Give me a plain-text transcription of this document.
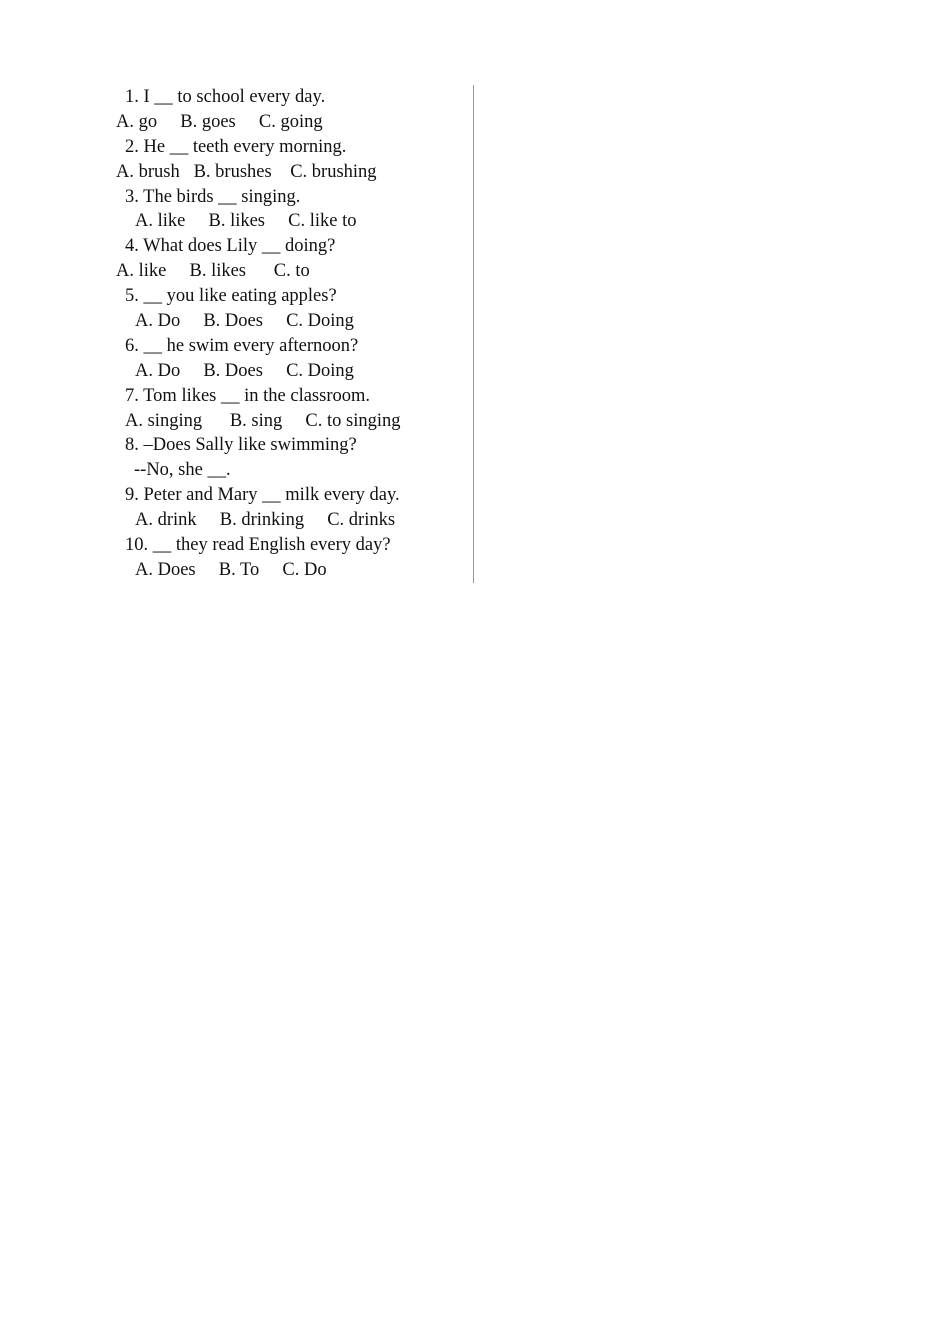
1. I __ to school every day.
A. go     B. goes     C. going
2. He __ teeth every morning.
A. brush   B. brushes    C. brushing
3. The birds __ singing.
A. like     B. likes     C. like to
4. What does Lily __ doing?
A. like     B. likes      C. to
5. __ you like eating apples?
A. Do     B. Does     C. Doing
6. __ he swim every afternoon?
A. Do     B. Does     C. Doing
7. Tom likes __ in the classroom.
A. singing      B. sing     C. to singing
8. –Does Sally like swimming?
--No, she __.
9. Peter and Mary __ milk every day.
A. drink     B. drinking     C. drinks
10. __ they read English every day?
A. Does     B. To     C. Do
